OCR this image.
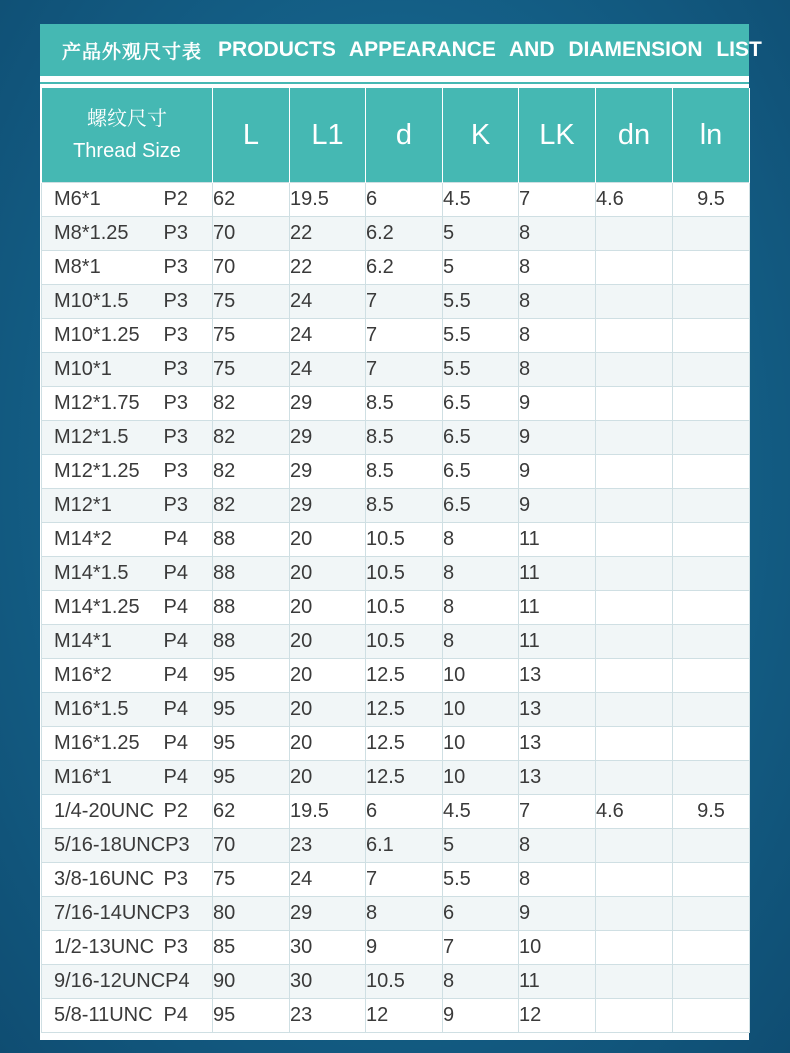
产品外观尺寸表 PRODUCTS APPEARANCE AND DIAMENSION LIST
螺纹尺寸
Thread Size	L	L1	d	K	LK	dn	ln

M6*1 P2	62	19.5	6	4.5	7	4.6	9.5

M8*1.25 P3	70	22	6.2	5	8		

M8*1 P3	70	22	6.2	5	8		

M10*1.5 P3	75	24	7	5.5	8		

M10*1.25 P3	75	24	7	5.5	8		

M10*1 P3	75	24	7	5.5	8		

M12*1.75 P3	82	29	8.5	6.5	9		

M12*1.5 P3	82	29	8.5	6.5	9		

M12*1.25 P3	82	29	8.5	6.5	9		

M12*1 P3	82	29	8.5	6.5	9		

M14*2 P4	88	20	10.5	8	11		

M14*1.5 P4	88	20	10.5	8	11		

M14*1.25 P4	88	20	10.5	8	11		

M14*1 P4	88	20	10.5	8	11		

M16*2 P4	95	20	12.5	10	13		

M16*1.5 P4	95	20	12.5	10	13		

M16*1.25 P4	95	20	12.5	10	13		

M16*1 P4	95	20	12.5	10	13		

1/4-20UNC P2	62	19.5	6	4.5	7	4.6	9.5

5/16-18UNC P3	70	23	6.1	5	8		

3/8-16UNC P3	75	24	7	5.5	8		

7/16-14UNC P3	80	29	8	6	9		

1/2-13UNC P3	85	30	9	7	10		

9/16-12UNC P4	90	30	10.5	8	11		

5/8-11UNC P4	95	23	12	9	12		
